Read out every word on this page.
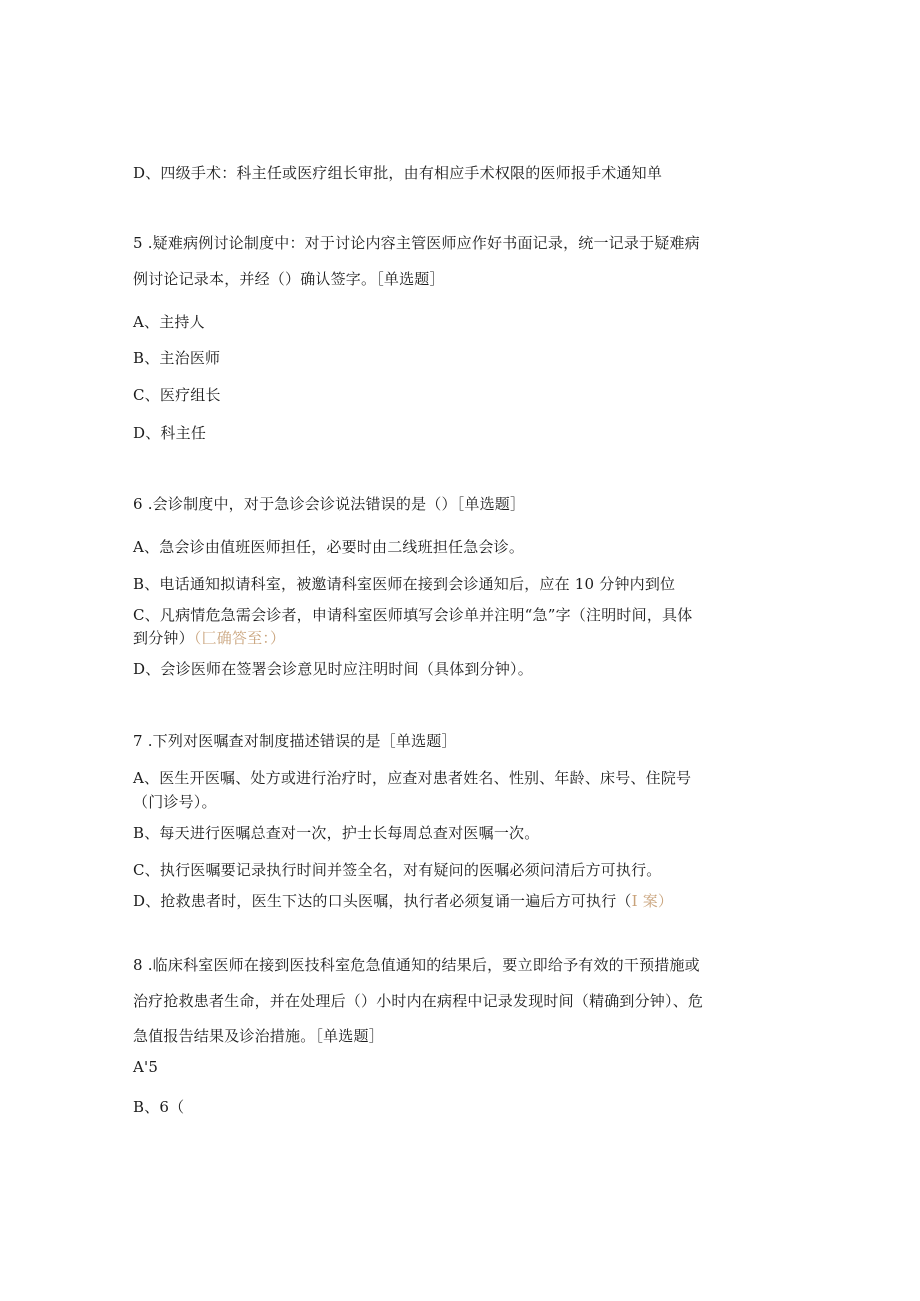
D、四级手术：科主任或医疗组长审批，由有相应手术权限的医师报手术通知单
5 .疑难病例讨论制度中：对于讨论内容主管医师应作好书面记录，统一记录于疑难病
例讨论记录本，并经（）确认签字。［单选题］
A、主持人
B、主治医师
C、医疗组长
D、科主任
6 .会诊制度中，对于急诊会诊说法错误的是（）［单选题］
A、急会诊由值班医师担任，必要时由二线班担任急会诊。
B、电话通知拟请科室，被邀请科室医师在接到会诊通知后，应在 10 分钟内到位
C、凡病情危急需会诊者，申请科室医师填写会诊单并注明“急”字（注明时间，具体
到分钟）（匚确答至：）
D、会诊医师在签署会诊意见时应注明时间（具体到分钟）。
7 .下列对医嘱查对制度描述错误的是［单选题］
A、医生开医嘱、处方或进行治疗时，应查对患者姓名、性别、年龄、床号、住院号
（门诊号）。
B、每天进行医嘱总查对一次，护士长每周总查对医嘱一次。
C、执行医嘱要记录执行时间并签全名，对有疑问的医嘱必须问清后方可执行。
D、抢救患者时，医生下达的口头医嘱，执行者必须复诵一遍后方可执行（I 案）
8 .临床科室医师在接到医技科室危急值通知的结果后，要立即给予有效的干预措施或
治疗抢救患者生命，并在处理后（）小时内在病程中记录发现时间（精确到分钟）、危
急值报告结果及诊治措施。［单选题］
A'5
B、6（
